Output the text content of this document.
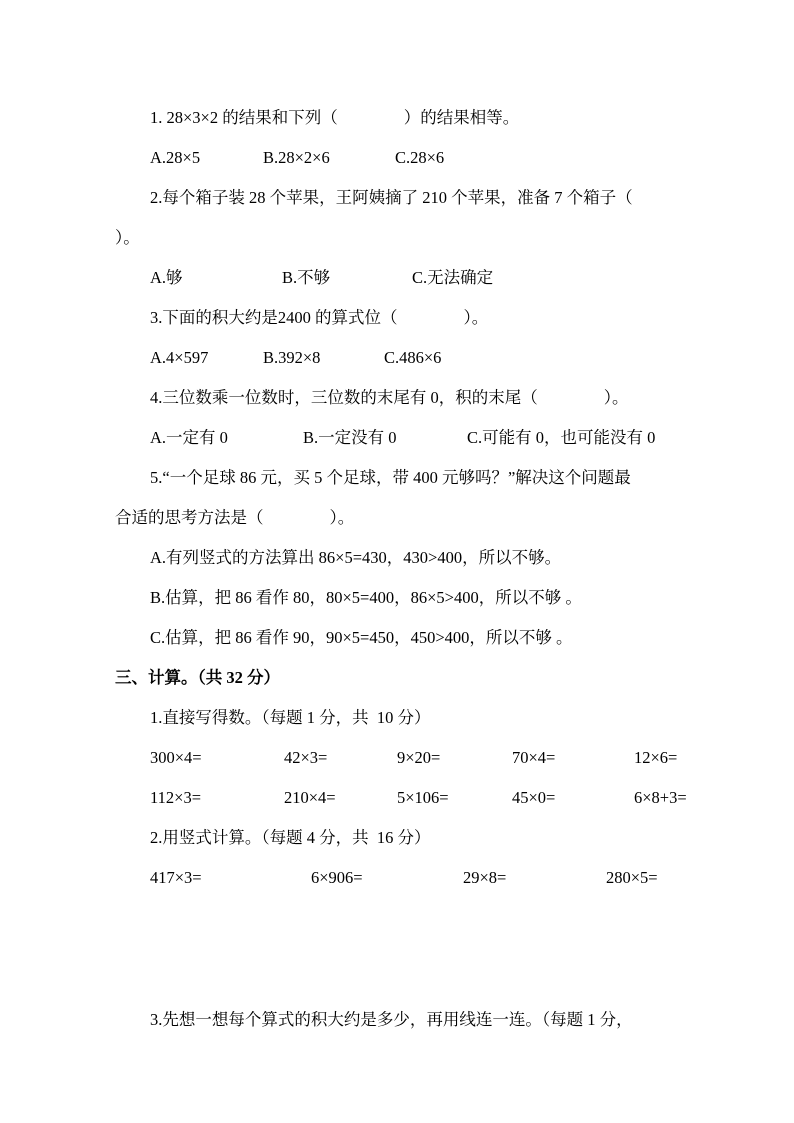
1. 28×3×2 的结果和下列（　　　　）的结果相等。
A.28×5	B.28×2×6	C.28×6
2.每个箱子装 28 个苹果，王阿姨摘了 210 个苹果，准备 7 个箱子（
）。
A.够	B.不够	C.无法确定
3.下面的积大约是2400 的算式位（　　　　）。
A.4×597	B.392×8	C.486×6
4.三位数乘一位数时，三位数的末尾有 0，积的末尾（　　　　）。
A.一定有 0	B.一定没有 0	C.可能有 0，也可能没有 0
5.“一个足球 86 元，买 5 个足球，带 400 元够吗？”解决这个问题最
合适的思考方法是（　　　　）。
A.有列竖式的方法算出 86×5=430，430>400，所以不够。
B.估算，把 86 看作 80，80×5=400，86×5>400，所以不够 。
C.估算，把 86 看作 90，90×5=450，450>400，所以不够 。
三、计算。（共 32 分）
1.直接写得数。（每题 1 分，共  10 分）
300×4=	42×3=	9×20=	70×4=	12×6=
112×3=	210×4=	5×106=	45×0=	6×8+3=
2.用竖式计算。（每题 4 分，共  16 分）
417×3=	6×906=	29×8=	280×5=
3.先想一想每个算式的积大约是多少，再用线连一连。（每题 1 分，
